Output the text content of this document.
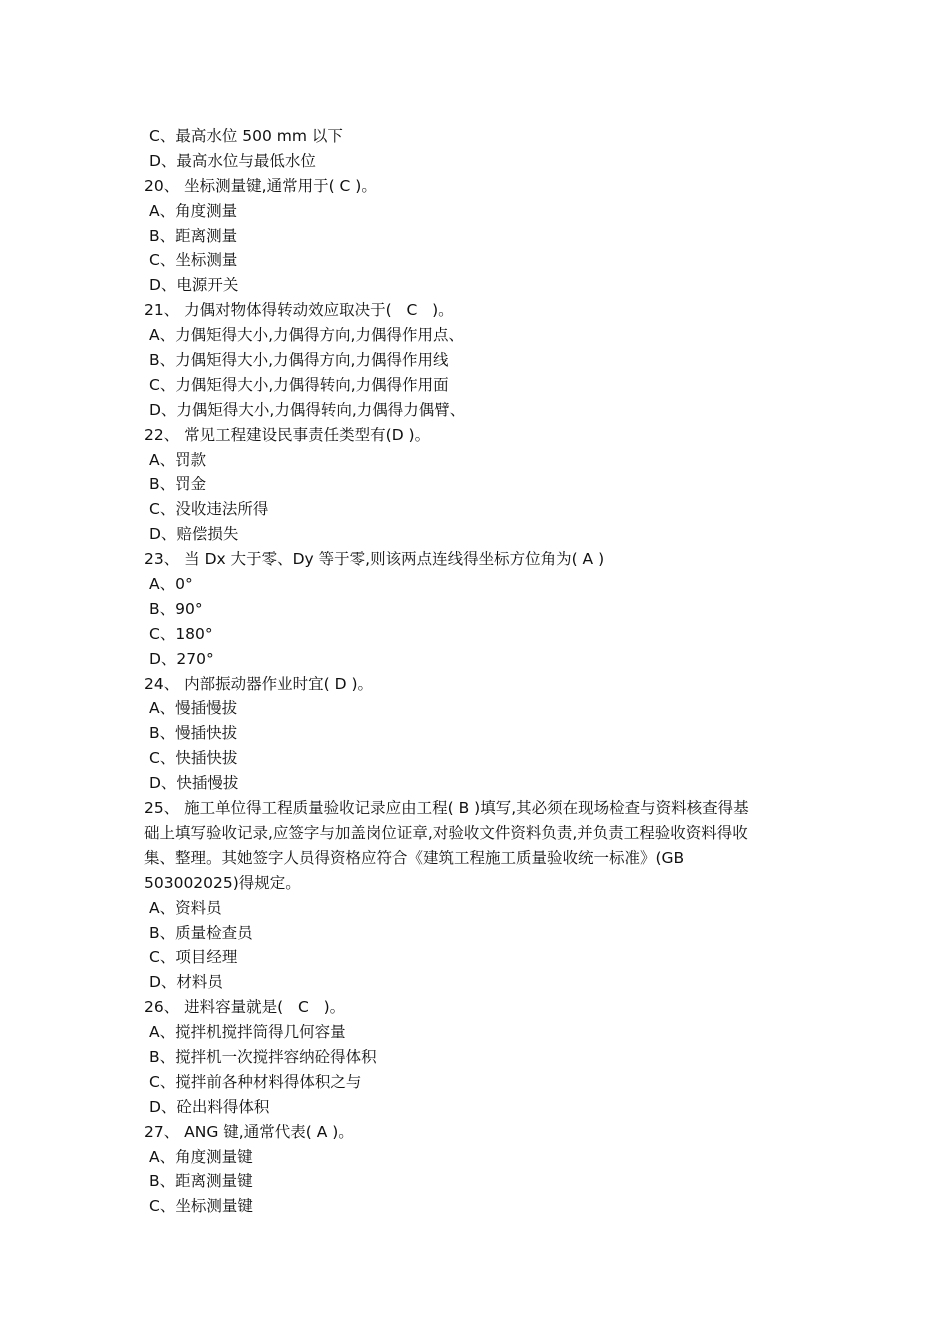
C、最高水位 500 mm 以下
D、最高水位与最低水位
20、 坐标测量键,通常用于( C )。
A、角度测量
B、距离测量
C、坐标测量
D、电源开关
21、 力偶对物体得转动效应取决于(   C   )。
A、力偶矩得大小,力偶得方向,力偶得作用点、
B、力偶矩得大小,力偶得方向,力偶得作用线
C、力偶矩得大小,力偶得转向,力偶得作用面
D、力偶矩得大小,力偶得转向,力偶得力偶臂、
22、 常见工程建设民事责任类型有(D )。
A、罚款
B、罚金
C、没收违法所得
D、赔偿损失
23、 当 Dx 大于零、Dy 等于零,则该两点连线得坐标方位角为( A )
A、0°
B、90°
C、180°
D、270°
24、 内部振动器作业时宜( D )。
A、慢插慢拔
B、慢插快拔
C、快插快拔
D、快插慢拔
25、 施工单位得工程质量验收记录应由工程( B )填写,其必须在现场检查与资料核查得基
础上填写验收记录,应签字与加盖岗位证章,对验收文件资料负责,并负责工程验收资料得收
集、整理。其她签字人员得资格应符合《建筑工程施工质量验收统一标准》(GB
503002025)得规定。
A、资料员
B、质量检查员
C、项目经理
D、材料员
26、 进料容量就是(   C   )。
A、搅拌机搅拌筒得几何容量
B、搅拌机一次搅拌容纳砼得体积
C、搅拌前各种材料得体积之与
D、砼出料得体积
27、 ANG 键,通常代表( A )。
A、角度测量键
B、距离测量键
C、坐标测量键
